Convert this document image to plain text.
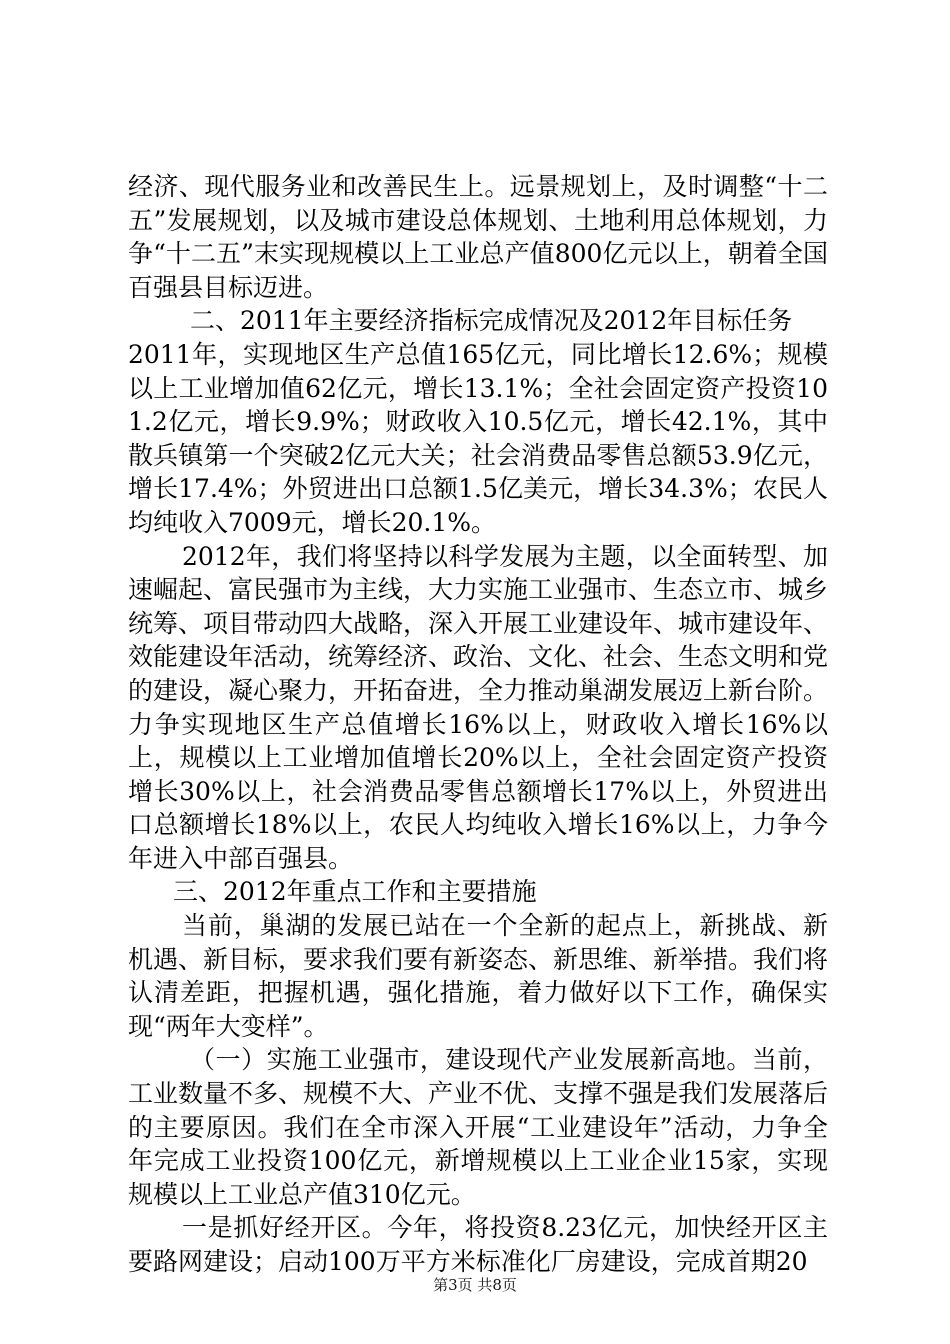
经济、现代服务业和改善民生上。远景规划上，及时调整“十二五”发展规划，以及城市建设总体规划、土地利用总体规划，力争“十二五”末实现规模以上工业总产值800亿元以上，朝着全国百强县目标迈进。

二、2011年主要经济指标完成情况及2012年目标任务

2011年，实现地区生产总值165亿元，同比增长12.6%；规模以上工业增加值62亿元，增长13.1%；全社会固定资产投资101.2亿元，增长9.9%；财政收入10.5亿元，增长42.1%，其中散兵镇第一个突破2亿元大关；社会消费品零售总额53.9亿元，增长17.4%；外贸进出口总额1.5亿美元，增长34.3%；农民人均纯收入7009元，增长20.1%。

2012年，我们将坚持以科学发展为主题，以全面转型、加速崛起、富民强市为主线，大力实施工业强市、生态立市、城乡统筹、项目带动四大战略，深入开展工业建设年、城市建设年、效能建设年活动，统筹经济、政治、文化、社会、生态文明和党的建设，凝心聚力，开拓奋进，全力推动巢湖发展迈上新台阶。力争实现地区生产总值增长16%以上，财政收入增长16%以上，规模以上工业增加值增长20%以上，全社会固定资产投资增长30%以上，社会消费品零售总额增长17%以上，外贸进出口总额增长18%以上，农民人均纯收入增长16%以上，力争今年进入中部百强县。

三、2012年重点工作和主要措施

当前，巢湖的发展已站在一个全新的起点上，新挑战、新机遇、新目标，要求我们要有新姿态、新思维、新举措。我们将认清差距，把握机遇，强化措施，着力做好以下工作，确保实现“两年大变样”。

（一）实施工业强市，建设现代产业发展新高地。当前，工业数量不多、规模不大、产业不优、支撑不强是我们发展落后的主要原因。我们在全市深入开展“工业建设年”活动，力争全年完成工业投资100亿元，新增规模以上工业企业15家，实现规模以上工业总产值310亿元。

一是抓好经开区。今年，将投资8.23亿元，加快经开区主要路网建设；启动100万平方米标准化厂房建设，完成首期20

第3页 共8页
